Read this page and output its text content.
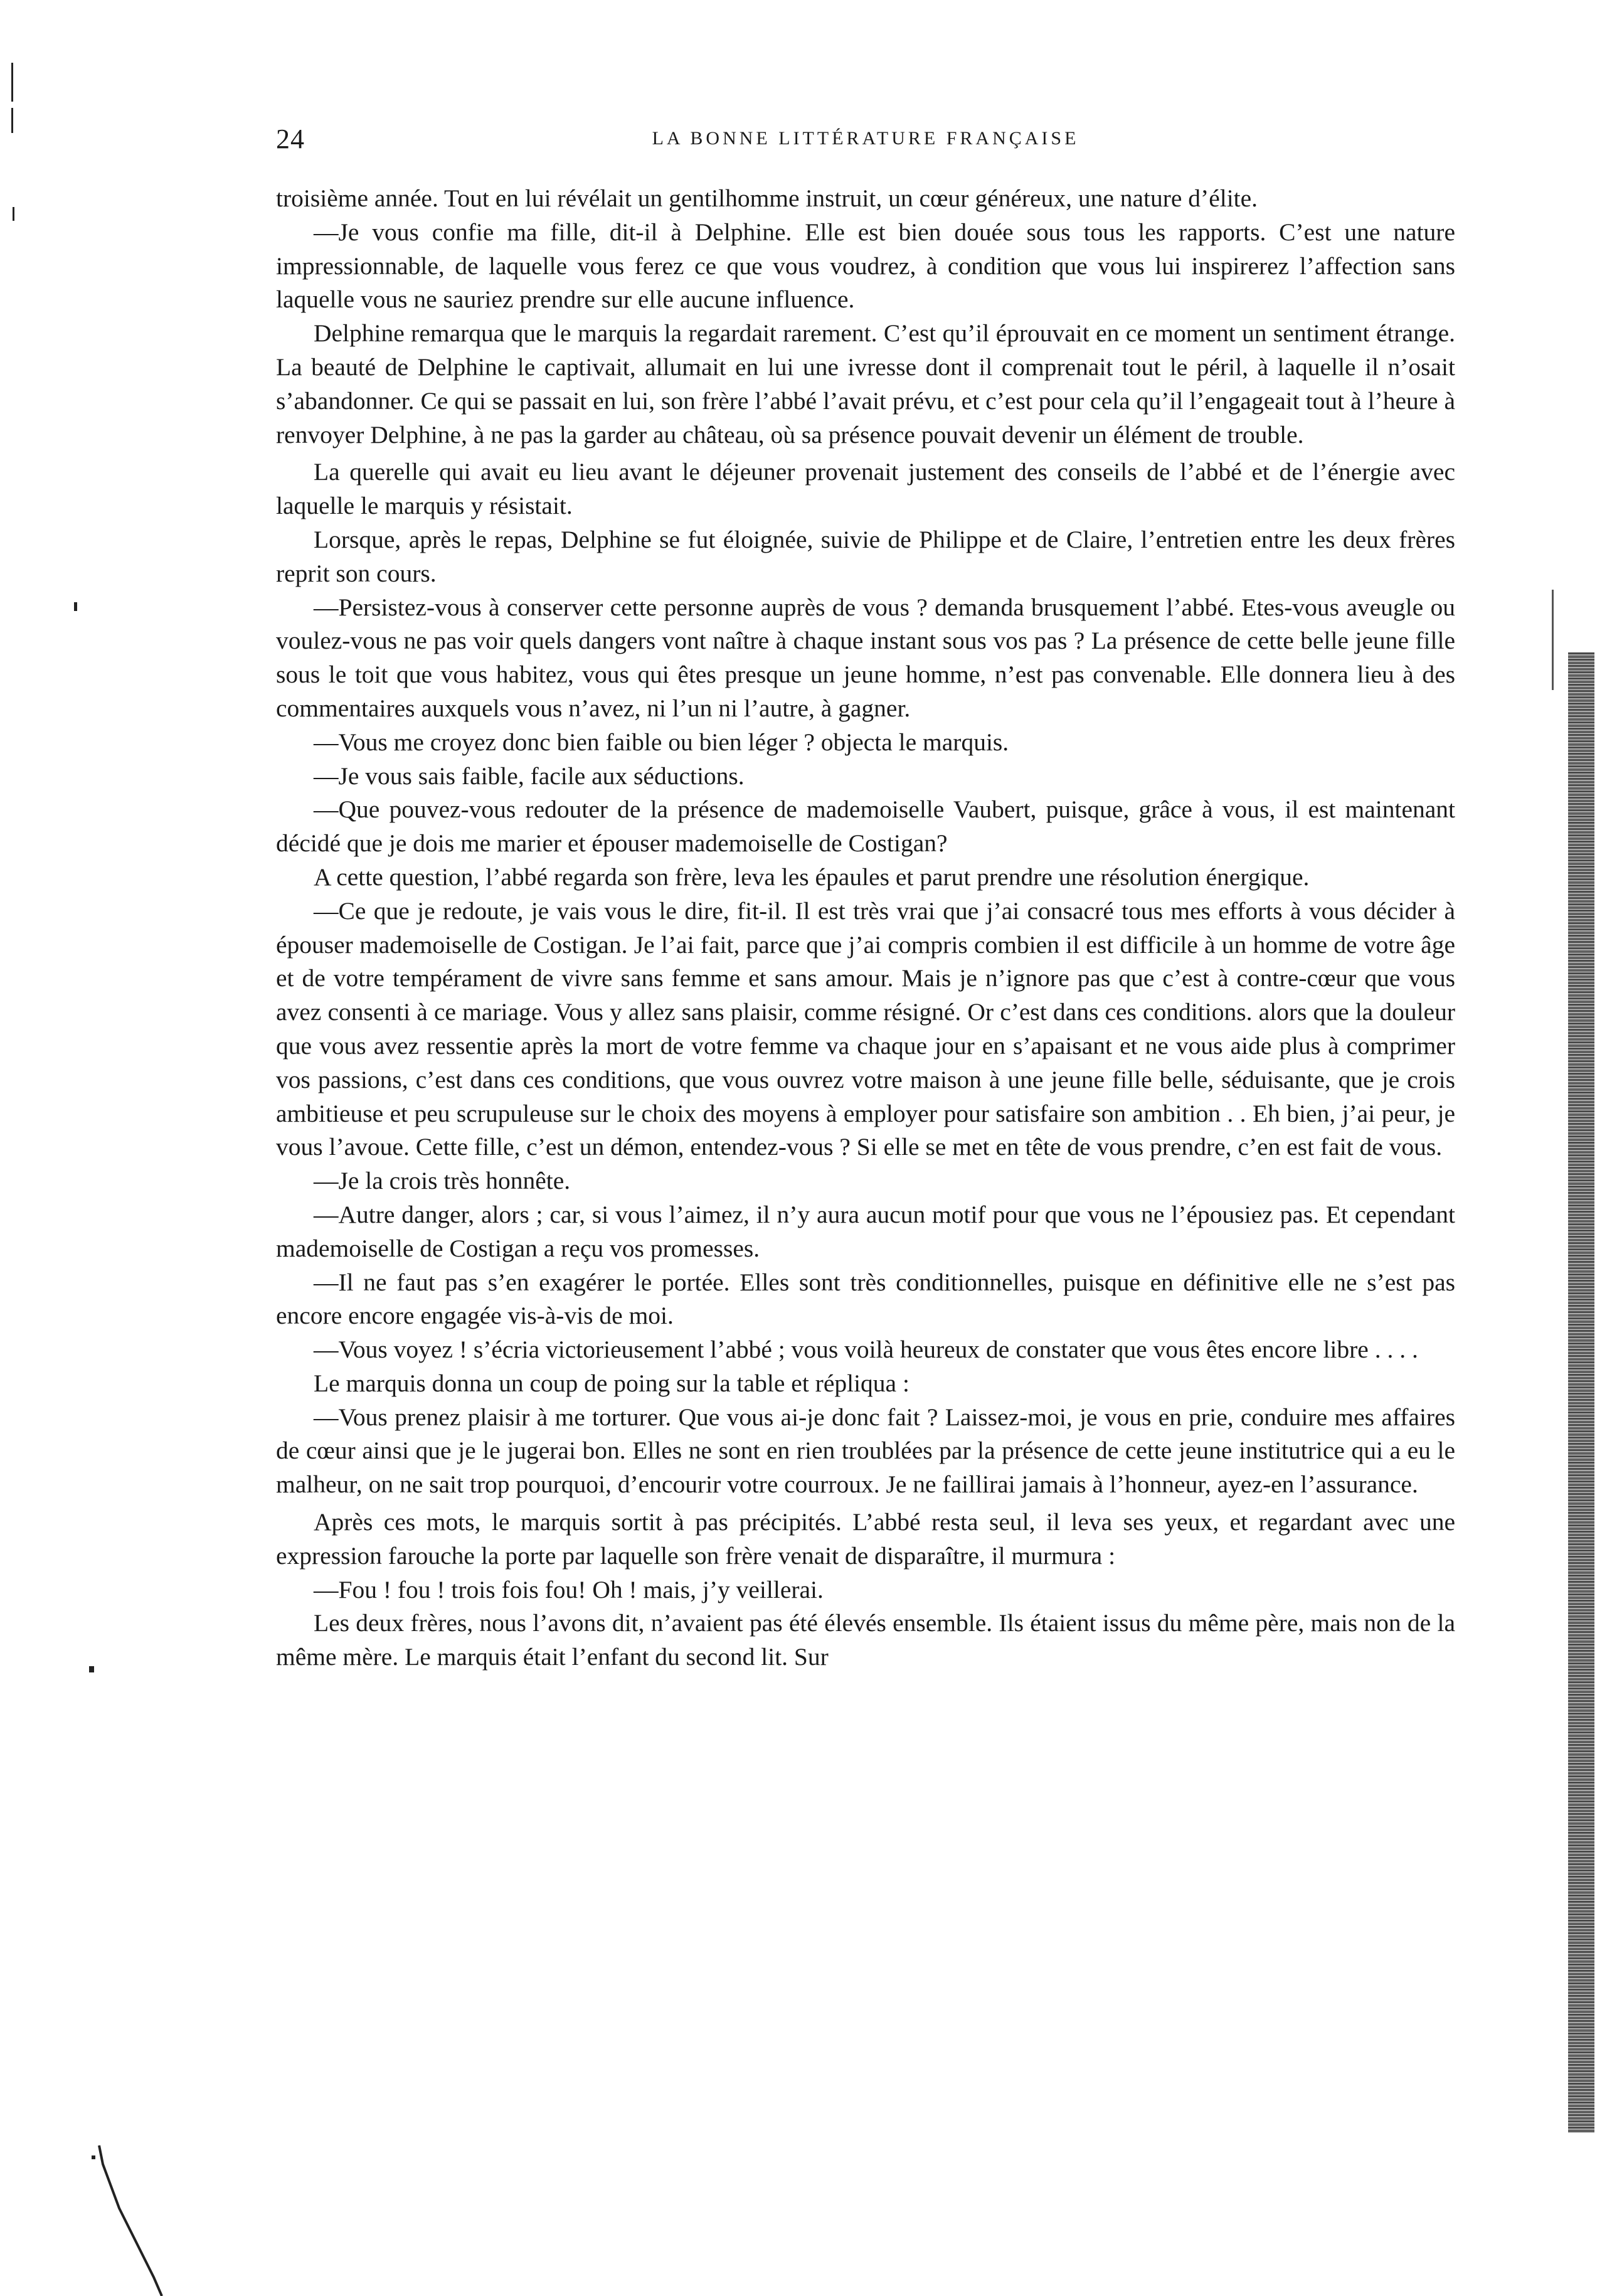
24	LA BONNE LITTÉRATURE FRANÇAISE

troisième année. Tout en lui révélait un gentilhomme instruit, un cœur généreux, une nature d’élite.

—Je vous confie ma fille, dit-il à Delphine. Elle est bien douée sous tous les rapports. C’est une nature impressionnable, de laquelle vous ferez ce que vous voudrez, à condition que vous lui inspirerez l’affection sans laquelle vous ne sauriez prendre sur elle aucune influence.

Delphine remarqua que le marquis la regardait rarement. C’est qu’il éprouvait en ce moment un sentiment étrange. La beauté de Delphine le captivait, allumait en lui une ivresse dont il comprenait tout le péril, à laquelle il n’osait s’abandonner. Ce qui se passait en lui, son frère l’abbé l’avait prévu, et c’est pour cela qu’il l’engageait tout à l’heure à renvoyer Delphine, à ne pas la garder au château, où sa présence pouvait devenir un élément de trouble.

La querelle qui avait eu lieu avant le déjeuner provenait justement des conseils de l’abbé et de l’énergie avec laquelle le marquis y résistait.

Lorsque, après le repas, Delphine se fut éloignée, suivie de Philippe et de Claire, l’entretien entre les deux frères reprit son cours.

—Persistez-vous à conserver cette personne auprès de vous ? demanda brusquement l’abbé. Etes-vous aveugle ou voulez-vous ne pas voir quels dangers vont naître à chaque instant sous vos pas ? La présence de cette belle jeune fille sous le toit que vous habitez, vous qui êtes presque un jeune homme, n’est pas convenable. Elle donnera lieu à des commentaires auxquels vous n’avez, ni l’un ni l’autre, à gagner.

—Vous me croyez donc bien faible ou bien léger ? objecta le marquis.

—Je vous sais faible, facile aux séductions.

—Que pouvez-vous redouter de la présence de mademoiselle Vaubert, puisque, grâce à vous, il est maintenant décidé que je dois me marier et épouser mademoiselle de Costigan?

A cette question, l’abbé regarda son frère, leva les épaules et parut prendre une résolution énergique.

—Ce que je redoute, je vais vous le dire, fit-il. Il est très vrai que j’ai consacré tous mes efforts à vous décider à épouser mademoiselle de Costigan. Je l’ai fait, parce que j’ai compris combien il est difficile à un homme de votre âge et de votre tempérament de vivre sans femme et sans amour. Mais je n’ignore pas que c’est à contre-cœur que vous avez consenti à ce mariage. Vous y allez sans plaisir, comme résigné. Or c’est dans ces conditions. alors que la douleur que vous avez ressentie après la mort de votre femme va chaque jour en s’apaisant et ne vous aide plus à comprimer vos passions, c’est dans ces conditions, que vous ouvrez votre maison à une jeune fille belle, séduisante, que je crois ambitieuse et peu scrupuleuse sur le choix des moyens à employer pour satisfaire son ambition . . Eh bien, j’ai peur, je vous l’avoue. Cette fille, c’est un démon, entendez-vous ? Si elle se met en tête de vous prendre, c’en est fait de vous.

—Je la crois très honnête.

—Autre danger, alors ; car, si vous l’aimez, il n’y aura aucun motif pour que vous ne l’épousiez pas. Et cependant mademoiselle de Costigan a reçu vos promesses.

—Il ne faut pas s’en exagérer le portée. Elles sont très conditionnelles, puisque en définitive elle ne s’est pas encore encore engagée vis-à-vis de moi.

—Vous voyez ! s’écria victorieusement l’abbé ; vous voilà heureux de constater que vous êtes encore libre . . . .

Le marquis donna un coup de poing sur la table et répliqua :

—Vous prenez plaisir à me torturer. Que vous ai-je donc fait ? Laissez-moi, je vous en prie, conduire mes affaires de cœur ainsi que je le jugerai bon. Elles ne sont en rien troublées par la présence de cette jeune institutrice qui a eu le malheur, on ne sait trop pourquoi, d’encourir votre courroux. Je ne faillirai jamais à l’honneur, ayez-en l’assurance.

Après ces mots, le marquis sortit à pas précipités. L’abbé resta seul, il leva ses yeux, et regardant avec une expression farouche la porte par laquelle son frère venait de disparaître, il murmura :

—Fou ! fou ! trois fois fou! Oh ! mais, j’y veillerai.

Les deux frères, nous l’avons dit, n’avaient pas été élevés ensemble. Ils étaient issus du même père, mais non de la même mère. Le marquis était l’enfant du second lit. Sur
